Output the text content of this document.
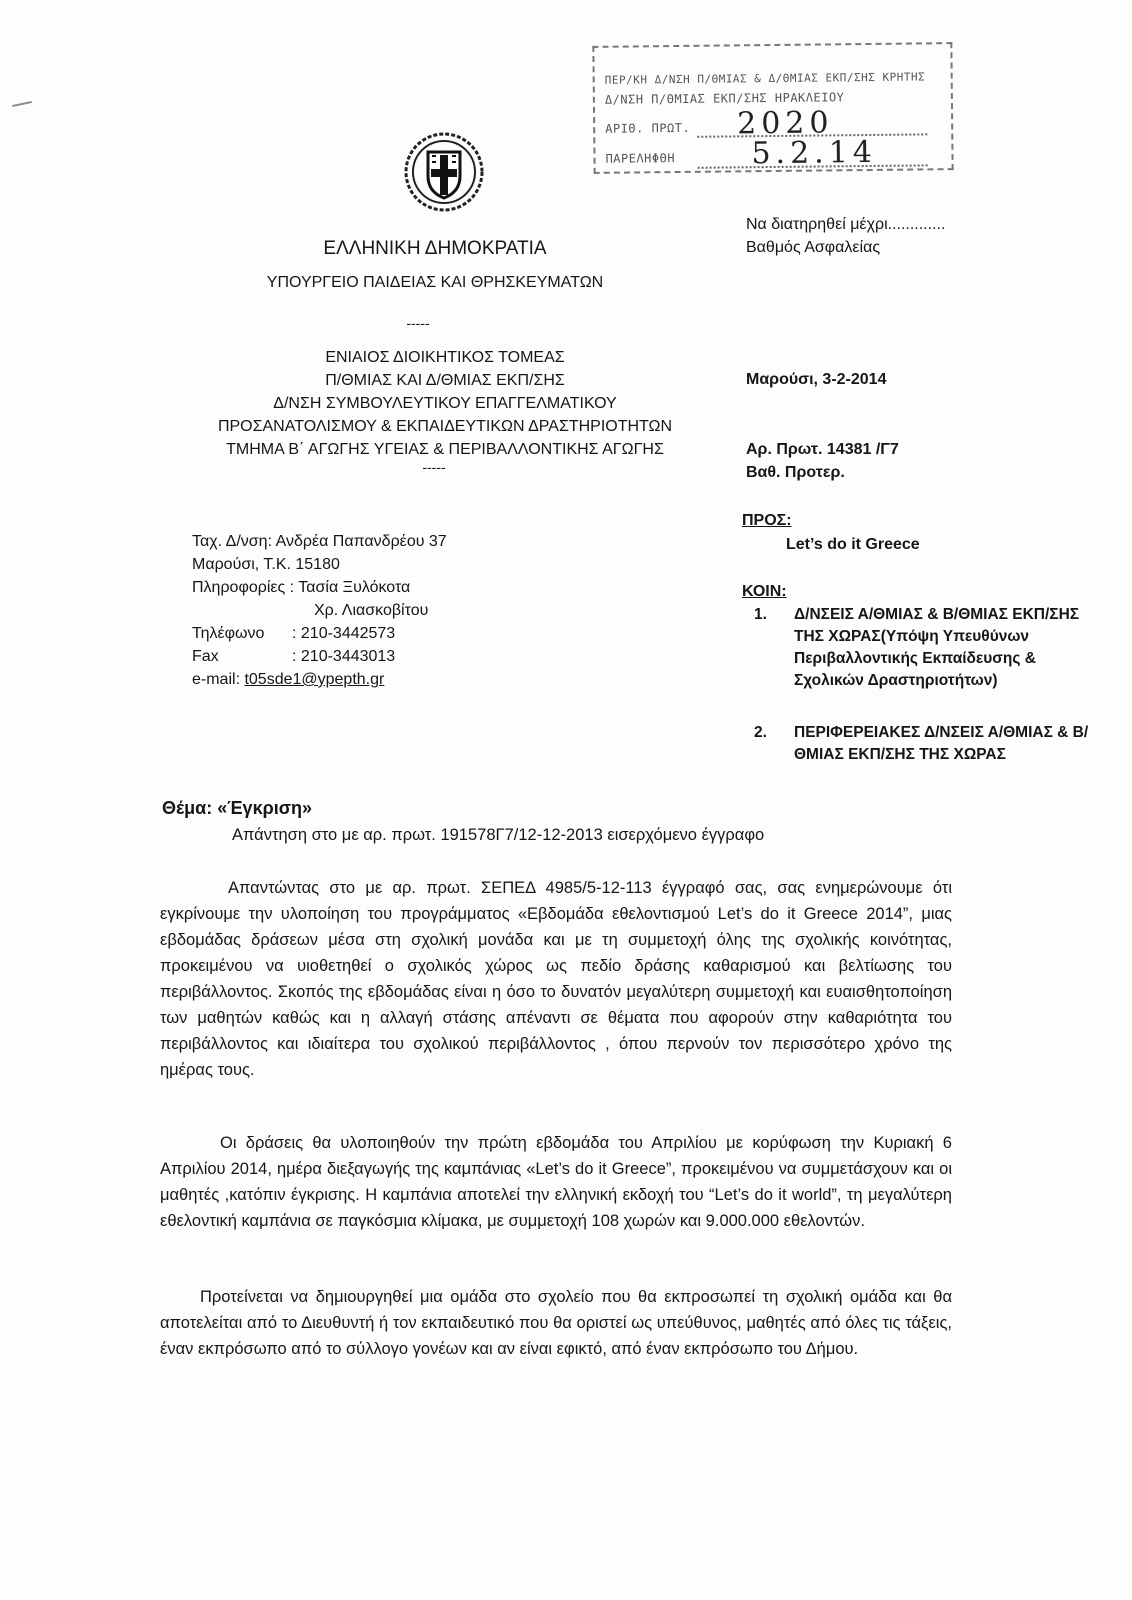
ΠΕΡ/ΚΗ Δ/ΝΣΗ Π/ΘΜΙΑΣ & Δ/ΘΜΙΑΣ ΕΚΠ/ΣΗΣ ΚΡΗΤΗΣ
Δ/ΝΣΗ Π/ΘΜΙΑΣ ΕΚΠ/ΣΗΣ ΗΡΑΚΛΕΙΟΥ
ΑΡΙΘ. ΠΡΩΤ. 2020
ΠΑΡΕΛΗΦΘΗ	5.2.14
Να διατηρηθεί μέχρι.............
Βαθμός Ασφαλείας
ΕΛΛΗΝΙΚΗ ΔΗΜΟΚΡΑΤΙΑ
ΥΠΟΥΡΓΕΙΟ ΠΑΙΔΕΙΑΣ ΚΑΙ ΘΡΗΣΚΕΥΜΑΤΩΝ
-----
ΕΝΙΑΙΟΣ ΔΙΟΙΚΗΤΙΚΟΣ ΤΟΜΕΑΣ
Π/ΘΜΙΑΣ ΚΑΙ Δ/ΘΜΙΑΣ ΕΚΠ/ΣΗΣ
Δ/ΝΣΗ ΣΥΜΒΟΥΛΕΥΤΙΚΟΥ ΕΠΑΓΓΕΛΜΑΤΙΚΟΥ
ΠΡΟΣΑΝΑΤΟΛΙΣΜΟΥ & ΕΚΠΑΙΔΕΥΤΙΚΩΝ ΔΡΑΣΤΗΡΙΟΤΗΤΩΝ
ΤΜΗΜΑ Β΄ ΑΓΩΓΗΣ ΥΓΕΙΑΣ & ΠΕΡΙΒΑΛΛΟΝΤΙΚΗΣ ΑΓΩΓΗΣ
-----
Μαρούσι, 3-2-2014
Αρ. Πρωτ. 14381 /Γ7
Βαθ. Προτερ.
Ταχ. Δ/νση: Ανδρέα Παπανδρέου 37
Μαρούσι, Τ.Κ. 15180
Πληροφορίες : Τασία Ξυλόκοτα
Χρ. Λιασκοβίτου
Τηλέφωνο : 210-3442573
Fax	: 210-3443013
e-mail: t05sde1@ypepth.gr
ΠΡΟΣ:
Let’s do it Greece
ΚΟΙΝ:
1. Δ/ΝΣΕΙΣ Α/ΘΜΙΑΣ & Β/ΘΜΙΑΣ ΕΚΠ/ΣΗΣ ΤΗΣ ΧΩΡΑΣ(Υπόψη Υπευθύνων Περιβαλλοντικής Εκπαίδευσης & Σχολικών Δραστηριοτήτων)
2. ΠΕΡΙΦΕΡΕΙΑΚΕΣ Δ/ΝΣΕΙΣ Α/ΘΜΙΑΣ & Β/ΘΜΙΑΣ ΕΚΠ/ΣΗΣ ΤΗΣ ΧΩΡΑΣ
Θέμα: «Έγκριση»
Απάντηση στο με αρ. πρωτ. 191578Γ7/12-12-2013 εισερχόμενο έγγραφο

Απαντώντας στο με αρ. πρωτ. ΣΕΠΕΔ 4985/5-12-113 έγγραφό σας, σας ενημερώνουμε ότι εγκρίνουμε την υλοποίηση του προγράμματος «Εβδομάδα εθελοντισμού Let’s do it Greece 2014”, μιας εβδομάδας δράσεων μέσα στη σχολική μονάδα και με τη συμμετοχή όλης της σχολικής κοινότητας, προκειμένου να υιοθετηθεί ο σχολικός χώρος ως πεδίο δράσης καθαρισμού και βελτίωσης του περιβάλλοντος. Σκοπός της εβδομάδας είναι η όσο το δυνατόν μεγαλύτερη συμμετοχή και ευαισθητοποίηση των μαθητών καθώς και η αλλαγή στάσης απέναντι σε θέματα που αφορούν στην καθαριότητα του περιβάλλοντος και ιδιαίτερα του σχολικού περιβάλλοντος , όπου περνούν τον περισσότερο χρόνο της ημέρας τους.

Οι δράσεις θα υλοποιηθούν την πρώτη εβδομάδα του Απριλίου με κορύφωση την Κυριακή 6 Απριλίου 2014, ημέρα διεξαγωγής της καμπάνιας «Let’s do it Greece”, προκειμένου να συμμετάσχουν και οι μαθητές ,κατόπιν έγκρισης. Η καμπάνια αποτελεί την ελληνική εκδοχή του “Let’s do it world”, τη μεγαλύτερη εθελοντική καμπάνια σε παγκόσμια κλίμακα, με συμμετοχή 108 χωρών και 9.000.000 εθελοντών.

Προτείνεται να δημιουργηθεί μια ομάδα στο σχολείο που θα εκπροσωπεί τη σχολική ομάδα και θα αποτελείται από το Διευθυντή ή τον εκπαιδευτικό που θα οριστεί ως υπεύθυνος, μαθητές από όλες τις τάξεις, έναν εκπρόσωπο από το σύλλογο γονέων και αν είναι εφικτό, από έναν εκπρόσωπο του Δήμου.
